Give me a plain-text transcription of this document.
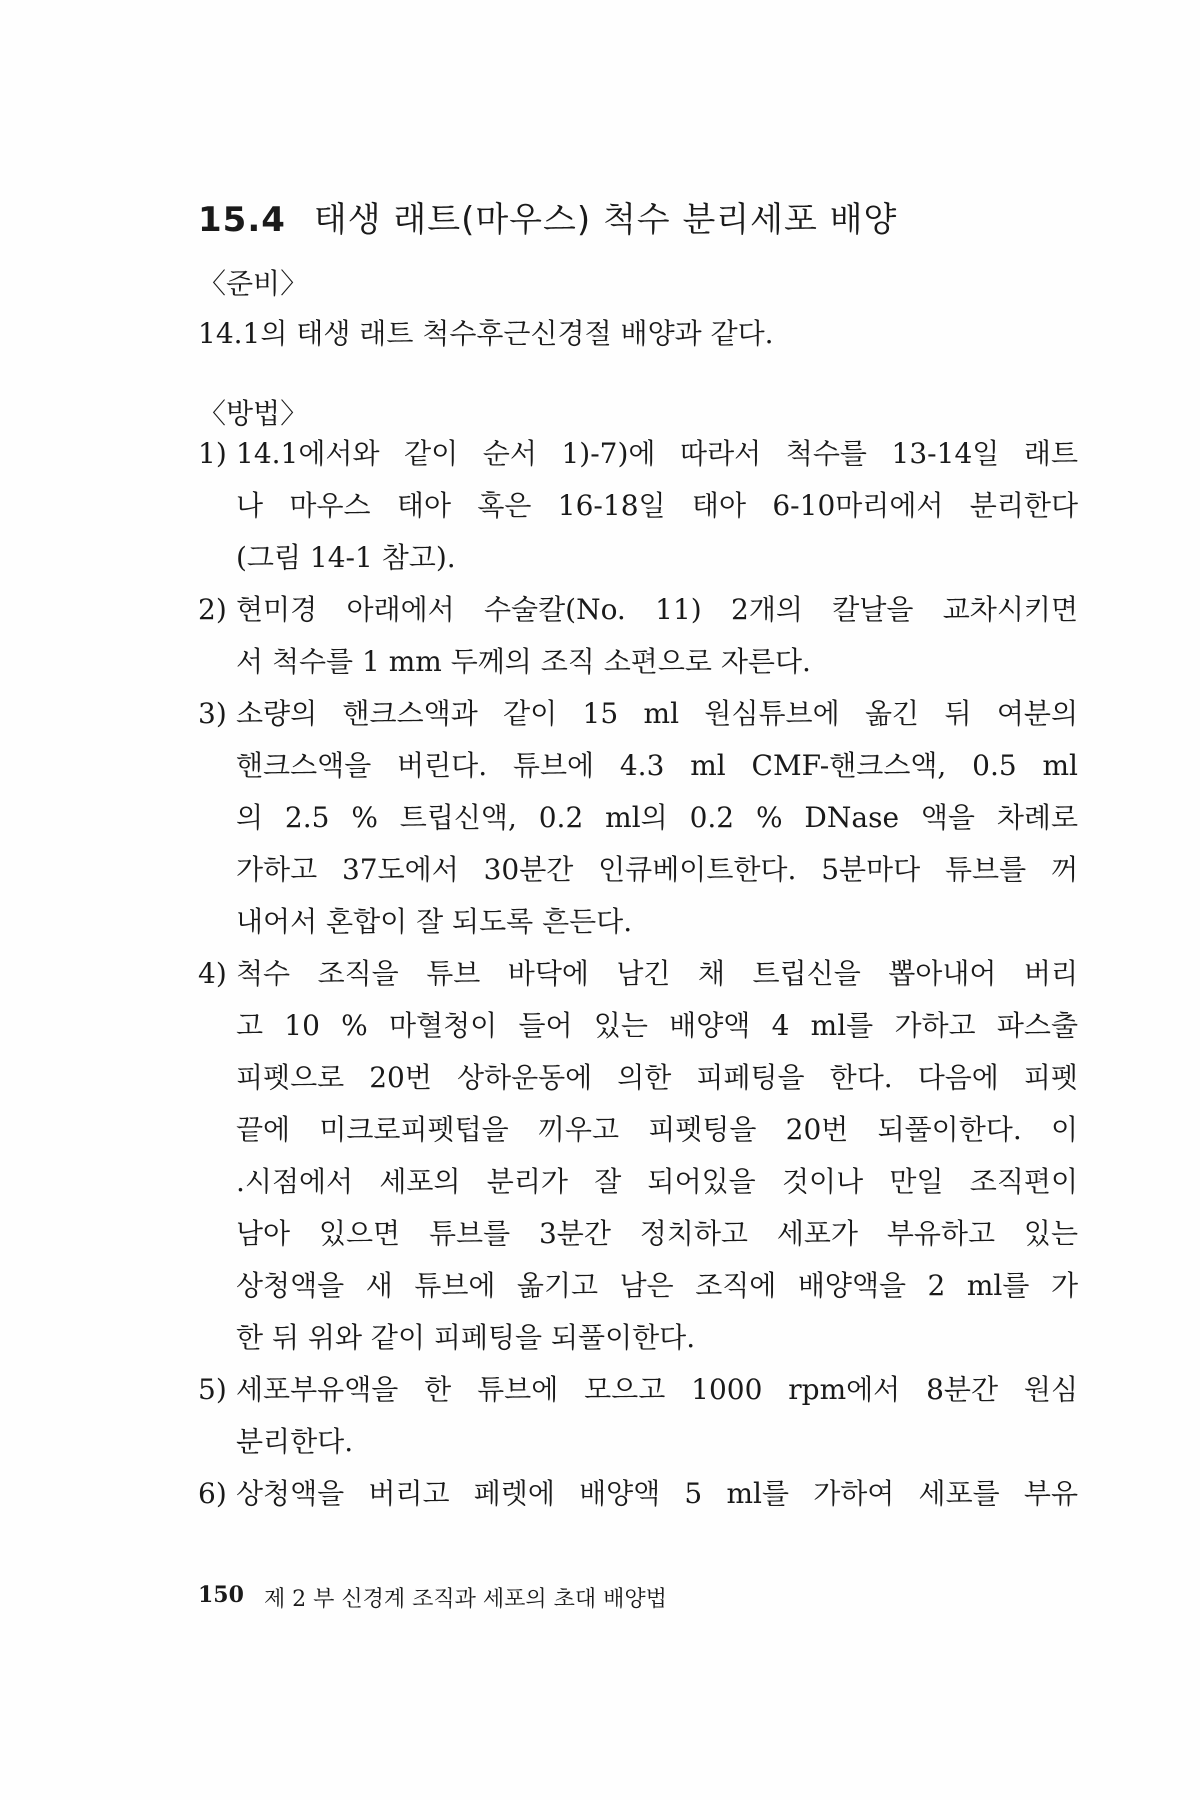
15.4 태생 래트(마우스) 척수 분리세포 배양
〈준비〉
14.1의 태생 래트 척수후근신경절 배양과 같다.
〈방법〉
1) 14.1에서와 같이 순서 1)-7)에 따라서 척수를 13-14일 래트
나 마우스 태아 혹은 16-18일 태아 6-10마리에서 분리한다
(그림 14-1 참고).
2) 현미경 아래에서 수술칼(No. 11) 2개의 칼날을 교차시키면
서 척수를 1 mm 두께의 조직 소편으로 자른다.
3) 소량의 핸크스액과 같이 15 ml 원심튜브에 옮긴 뒤 여분의
핸크스액을 버린다. 튜브에 4.3 ml CMF-핸크스액, 0.5 ml
의 2.5 % 트립신액, 0.2 ml의 0.2 % DNase 액을 차례로
가하고 37도에서 30분간 인큐베이트한다. 5분마다 튜브를 꺼
내어서 혼합이 잘 되도록 흔든다.
4) 척수 조직을 튜브 바닥에 남긴 채 트립신을 뽑아내어 버리
고 10 % 마혈청이 들어 있는 배양액 4 ml를 가하고 파스출
피펫으로 20번 상하운동에 의한 피페팅을 한다. 다음에 피펫
끝에 미크로피펫텁을 끼우고 피펫팅을 20번 되풀이한다. 이
.시점에서 세포의 분리가 잘 되어있을 것이나 만일 조직편이
남아 있으면 튜브를 3분간 정치하고 세포가 부유하고 있는
상청액을 새 튜브에 옮기고 남은 조직에 배양액을 2 ml를 가
한 뒤 위와 같이 피페팅을 되풀이한다.
5) 세포부유액을 한 튜브에 모으고 1000 rpm에서 8분간 원심
분리한다.
6) 상청액을 버리고 페렛에 배양액 5 ml를 가하여 세포를 부유
150 제 2 부 신경계 조직과 세포의 초대 배양법
